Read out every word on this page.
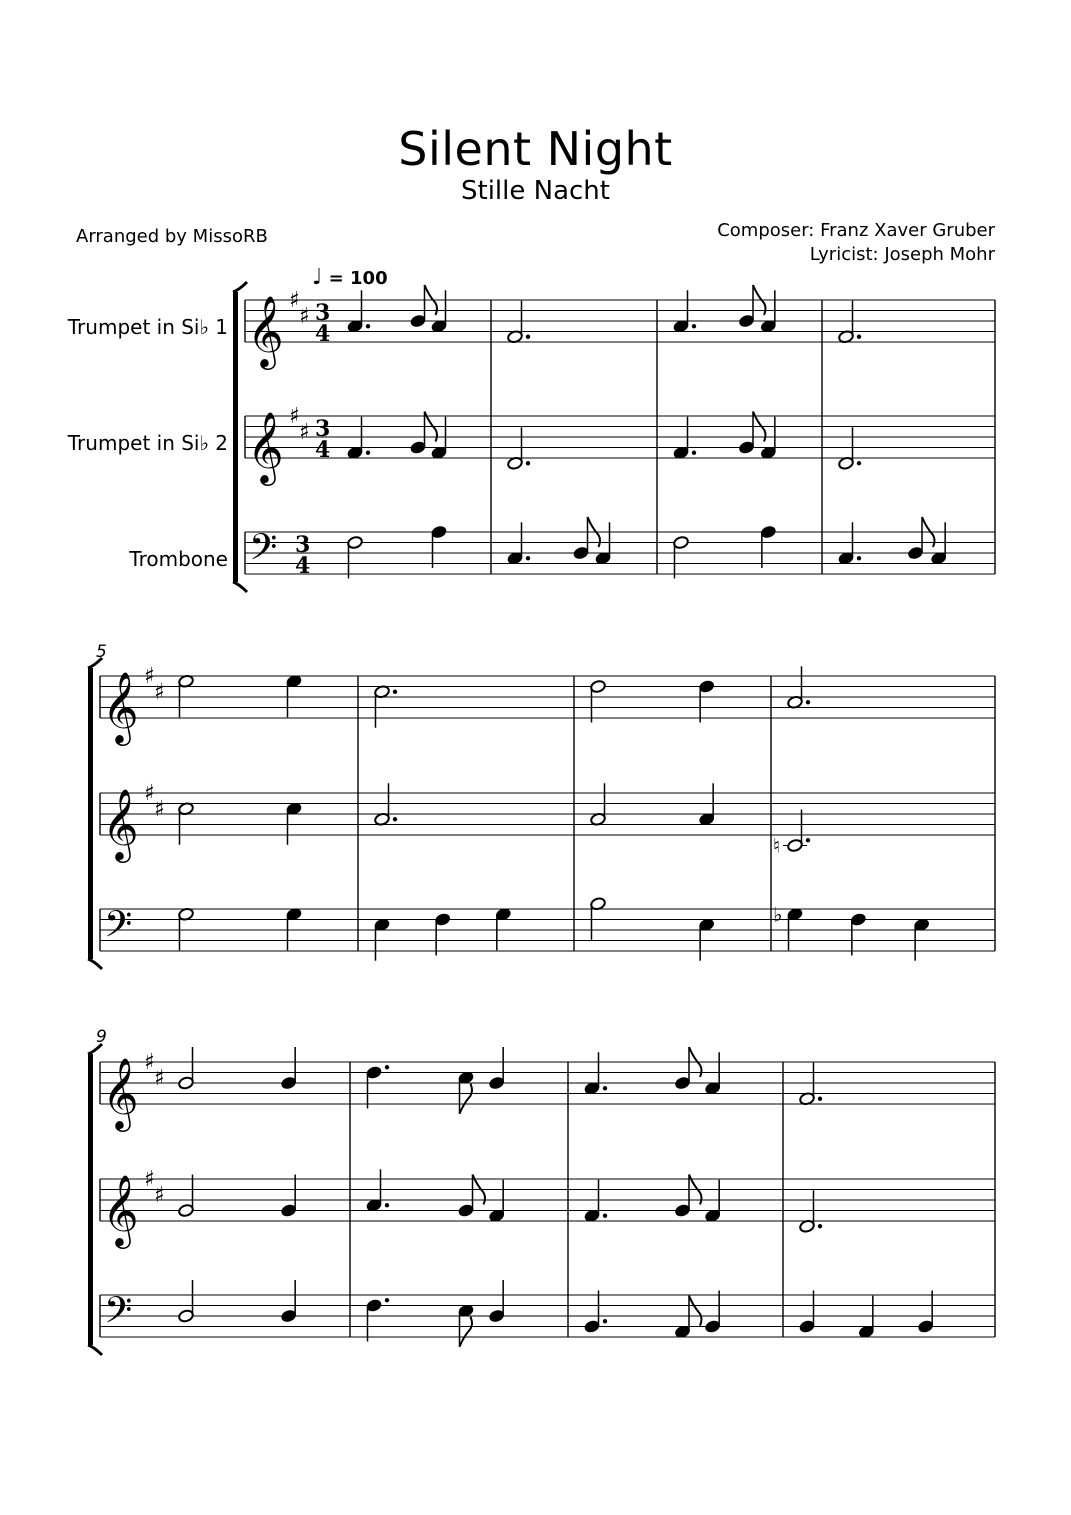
Silent Night
Stille Nacht
Arranged by MissoRB	Composer: Franz Xaver Gruber
Lyricist: Joseph Mohr
♩ = 100
Trumpet in Si♭ 1
Trumpet in Si♭ 2
Trombone
5
9
𝄞 ♯
♯ 3
4
𝄞 ♯
♯ 3
4
𝄢 3
4
𝄞 ♯
♯
𝄞 ♯
♯
𝄢
♮
♭
𝄞 ♯
♯
𝄞 ♯
♯
𝄢
